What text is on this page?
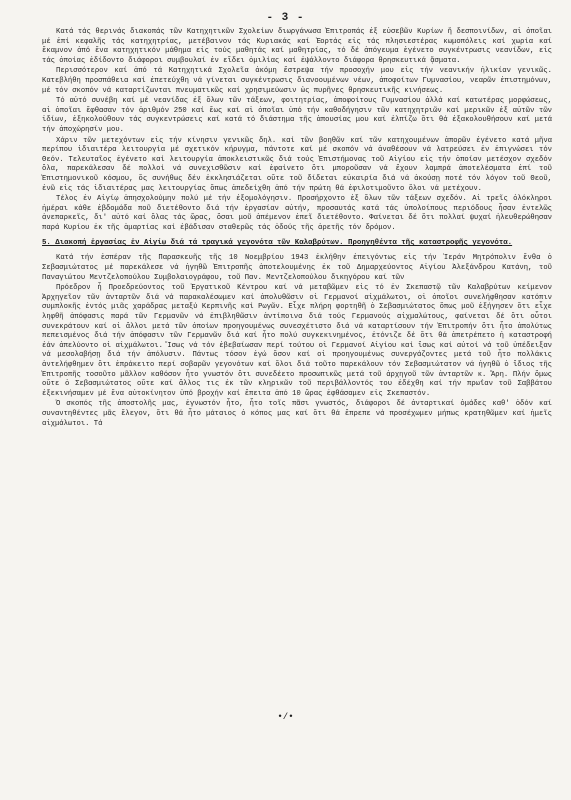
- 3 -

Κατά τάς θερινάς διακοπάς τῶν Κατηχητικῶν Σχολείων διωργάνωσα Ἐπιτροπάς ἐξ εὐσεβῶν Κυρίων ἤ δεσποινίδων, αἱ ὁποῖαι μέ ἐπί κεφαλῆς τάς κατηχητρίας, μετέβαινον τάς Κυριακάς καί Ἑορτάς εἰς τάς πλησιεστέρας κωμοπόλεις καί χωρία καί ἔκαμνον ἀπό ἕνα κατηχητικόν μάθημα εἰς τούς μαθητάς καί μαθητρίας, τό δέ ἀπόγευμα ἐγένετο συγκέντρωσις νεανίδων, εἰς τάς ὁποίας ἐδίδοντο διάφοροι συμβουλαί ἐν εἴδει ὁμιλίας καί ἐψάλλοντο διάφορα θρησκευτικά ᾄσματα.

Περισσότερον καί ἀπό τά Κατηχητικά Σχολεῖα ἀκόμη ἔστρεψα τήν προσοχήν μου εἰς τήν νεανικήν ἡλικίαν γενικῶς. Κατεβλήθη προσπάθεια καί ἐπετεύχθη νά γίνεται συγκέντρωσις διανοουμένων νέων, ἀποφοίτων Γυμνασίου, νεαρῶν ἐπιστημόνων, μέ τόν σκοπόν νά καταρτίζωνται πνευματικῶς καί χρησιμεύωσιν ὡς πυρῆνες θρησκευτικῆς κινήσεως.

Τό αὐτό συνέβη καί μέ νεανίδας ἐξ ὅλων τῶν τάξεων, φοιτητρίας, ἀποφοίτους Γυμνασίου ἀλλά καί κατωτέρας μορφώσεως, αἱ ὁποῖαι ἔφθασαν τόν ἀριθμόν 250 καί ἔως καί αἱ ὁποῖαι ὑπό τήν καθοδήγησιν τῶν κατηχητριῶν καί μερικῶν ἐξ αὐτῶν τῶν ἰδίων, ἐξηκολούθουν τάς συγκεντρώσεις καί κατά τό διάστημα τῆς ἀπουσίας μου καί ἐλπίζω ὅτι θά ἐξακολουθήσουν καί μετά τήν ἀποχώρησίν μου.

Χάριν τῶν μετεχόντων εἰς τήν κίνησιν γενικῶς δηλ. καί τῶν βοηθῶν καί τῶν κατηχουμένων ἀπορῶν ἐγένετο κατά μῆνα περίπου ἰδιαιτέρα λειτουργία μέ σχετικόν κήρυγμα, πάντοτε καί μέ σκοπόν νά ἀναθέσουν νά λατρεύσει ἐν ἐπιγνώσει τόν Θεόν. Τελευταῖος ἐγένετο καί λειτουργία ἀποκλειστικῶς διά τούς Ἐπιστήμονας τοῦ Αἰγίου εἰς τήν ὁποίαν μετέσχον σχεδόν ὅλα, παρεκάλεσαν δέ πολλοί νά συνεχισθῶσιν καί ἐφαίνετο ὅτι μποροῦσαν νά ἔχουν λαμπρά ἀποτελέσματα ἐπί τοῦ Ἐπιστημονικοῦ κόσμου, ὅς συνήθως δέν ἐκκλησιάζεται οὔτε τοῦ δίδεται εὐκαιρία διά νά ἀκούσῃ ποτέ τόν λόγον τοῦ Θεοῦ, ἐνῶ εἰς τάς ἰδιαιτέρας μας λειτουργίας ὅπως ἀπεδείχθη ἀπό τήν πρώτη θά ἐφιλοτιμοῦντο ὅλοι νά μετέχουν.

Τέλος ἐν Αἰγίῳ ἀπησχολούμην πολύ μέ τήν ἐξομολόγησιν. Προσήρχοντο ἐξ ὅλων τῶν τάξεων σχεδόν. Αἱ τρεῖς ὁλόκληροι ἡμέραι κάθε ἑβδομάδα ποῦ διετέθοντο διά τήν ἐργασίαν αὐτήν, προσαυτάς κατά τάς ὑπολοίπους περιόδους ἦσαν ἐντελῶς ἀνεπαρκεῖς, δι' αὐτό καί ὅλας τάς ὥρας, ὅσαι μοῦ ἀπέμενον ἐπεῖ διετέθοντο. Φαίνεται δέ ὅτι πολλαί ψυχαί ἠλευθερώθησαν παρά Κυρίου ἐκ τῆς ἁμαρτίας καί ἐβάδισαν σταθερῶς τάς ὁδούς τῆς ἀρετῆς τόν δρόμον.

5. Διακοπή ἐργασίας ἐν Αἰγίῳ διά τά τραγικά γεγονότα τῶν Καλαβρύτων. Προηγηθέντα τῆς καταστροφῆς γεγονότα.

Κατά τήν ἑσπέραν τῆς Παρασκευῆς τῆς 10 Νοεμβρίου 1943 ἐκλήθην ἐπειγόντως εἰς τήν Ἱεράν Μητρόπολιν ἔνθα ὁ Σεβασμιώτατος μέ παρεκάλεσε νά ἡγηθῶ Ἐπιτροπῆς ἀποτελουμένης ἐκ τοῦ Δημαρχεύοντος Αἰγίου Ἀλεξάνδρου Κατάνη, τοῦ Παναγιώτου Μεντζελοπούλου Συμβολαιογράφου, τοῦ Παν. Μεντζελοπούλου δικηγόρου καί τῶν

Πρόεδρον ἦ Προεδρεύοντος τοῦ Ἐργατικοῦ Κέντρου καί νά μεταβῶμεν εἰς τό ἐν Σκεπαστῷ τῶν Καλαβρύτων κείμενον Ἀρχηγεῖον τῶν ἀνταρτῶν διά νά παρακαλέσωμεν καί ἀπολυθῶσιν οἱ Γερμανοί αἰχμάλωτοι, οἱ ὁποῖοι συνελήφθησαν κατόπιν συμπλοκῆς ἐντός μιᾶς χαράδρας μεταξύ Κερπινῆς καί Ρωγῶν. Εἶχε πλήρη φορτηθῆ ὁ Σεβασμιώτατος ὅπως μοῦ ἐξήγησεν ὅτι εἶχε ληφθῆ ἀπόφασις παρά τῶν Γερμανῶν νά ἐπιβληθῶσιν ἀντίποινα διά τούς Γερμανούς αἰχμαλώτους, φαίνεται δέ ὅτι οὗτοι συνεκράτουν καί οἱ ἄλλοι μετά τῶν ὁποίων προηγουμένως συνεσχέτιστο διά νά καταρτίσουν τήν Ἐπιτροπήν ὅτι ἦτο ἀπολύτως πεπεισμένος διά τήν ἀπόφασιν τῶν Γερμανῶν διά καί ἦτο πολύ συγκεκινημένος, ἐτόνιζε δέ ὅτι θά ἀπετρέπετο ἡ καταστροφή ἐάν ἀπελύοντο οἱ αἰχμάλωτοι. Ἴσως νά τόν ἐβεβαίωσαν περί τούτου οἱ Γερμανοί Αἰγίου καί ἴσως καί αὐτοί νά τοῦ ὑπέδειξαν νά μεσολαβήσῃ διά τήν ἀπόλυσιν. Πάντως τόσον ἐγώ ὅσον καί οἱ προηγουμένως συνεργάζοντες μετά τοῦ ἦτο πολλάκις ἀντελήφθημεν ὅτι ἐπράκειτο περί σοβαρῶν γεγονότων καί ὅλοι διά τοῦτο παρεκάλουν τόν Σεβασμιώτατον νά ἡγηθῶ ὁ ἴδιος τῆς Ἐπιτροπῆς τοσοῦτο μᾶλλον καθόσον ἦτο γνωστόν ὅτι συνεδέετο προσωπικῶς μετά τοῦ ἀρχηγοῦ τῶν ἀνταρτῶν κ. Ἄρη. Πλήν ὅμως οὔτε ὁ Σεβασμιώτατος οὔτε καί ἄλλος τις ἐκ τῶν κληρικῶν τοῦ περιβάλλοντός του ἐδέχθη καί τήν πρωΐαν τοῦ Σαββάτου ἐξεκινήσαμεν μέ ἕνα αὐτοκίνητον ὑπό βροχήν καί ἔπειτα ἀπό 10 ὥρας ἐφθάσαμεν εἰς Σκεπαστόν.

Ὁ σκοπός τῆς ἀποστολῆς μας, ἐγνωστόν ἦτο, ἦτο τοῖς πᾶσι γνωστός, διάφοροι δέ ἀνταρτικαί ὁμάδες καθ' ὁδόν καί συναντηθέντες μᾶς ἔλεγον, ὅτι θά ἦτο μάταιος ὁ κόπος μας καί ὅτι θά ἔπρεπε νά προσέχωμεν μήπως κρατηθῶμεν καί ἡμεῖς αἰχμάλωτοι. Τά

•/•
